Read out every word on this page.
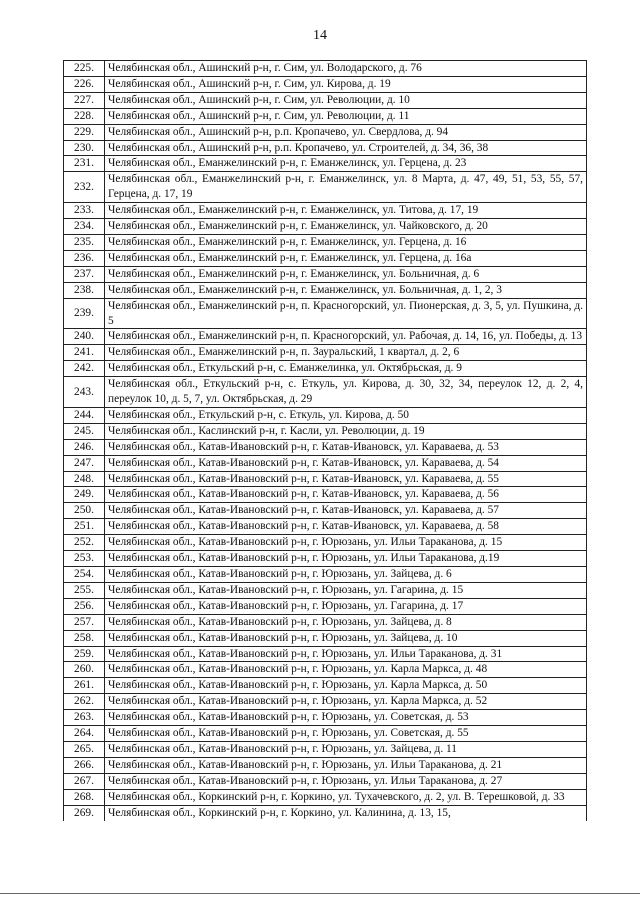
14
225.	Челябинская обл., Ашинский р-н, г. Сим, ул. Володарского, д. 76
226.	Челябинская обл., Ашинский р-н, г. Сим, ул. Кирова, д. 19
227.	Челябинская обл., Ашинский р-н, г. Сим, ул. Революции, д. 10
228.	Челябинская обл., Ашинский р-н, г. Сим, ул. Революции, д. 11
229.	Челябинская обл., Ашинский р-н, р.п. Кропачево, ул. Свердлова, д. 94
230.	Челябинская обл., Ашинский р-н, р.п. Кропачево, ул. Строителей, д. 34, 36, 38
231.	Челябинская обл., Еманжелинский р-н, г. Еманжелинск, ул. Герцена, д. 23
232.	Челябинская обл., Еманжелинский р-н, г. Еманжелинск, ул. 8 Марта, д. 47, 49, 51, 53, 55, 57, Герцена, д. 17, 19
233.	Челябинская обл., Еманжелинский р-н, г. Еманжелинск, ул. Титова, д. 17, 19
234.	Челябинская обл., Еманжелинский р-н, г. Еманжелинск, ул. Чайковского, д. 20
235.	Челябинская обл., Еманжелинский р-н, г. Еманжелинск, ул. Герцена, д. 16
236.	Челябинская обл., Еманжелинский р-н, г. Еманжелинск, ул. Герцена, д. 16а
237.	Челябинская обл., Еманжелинский р-н, г. Еманжелинск, ул. Больничная, д. 6
238.	Челябинская обл., Еманжелинский р-н, г. Еманжелинск, ул. Больничная, д. 1, 2, 3
239.	Челябинская обл., Еманжелинский р-н, п. Красногорский, ул. Пионерская, д. 3, 5, ул. Пушкина, д. 5
240.	Челябинская обл., Еманжелинский р-н, п. Красногорский, ул. Рабочая, д. 14, 16, ул. Победы, д. 13
241.	Челябинская обл., Еманжелинский р-н, п. Зауральский, 1 квартал, д. 2, 6
242.	Челябинская обл., Еткульский р-н, с. Еманжелинка, ул. Октябрьская, д. 9
243.	Челябинская обл., Еткульский р-н, с. Еткуль, ул. Кирова, д. 30, 32, 34, переулок 12, д. 2, 4, переулок 10, д. 5, 7, ул. Октябрьская, д. 29
244.	Челябинская обл., Еткульский р-н, с. Еткуль, ул. Кирова, д. 50
245.	Челябинская обл., Каслинский р-н, г. Касли, ул. Революции, д. 19
246.	Челябинская обл., Катав-Ивановский р-н, г. Катав-Ивановск, ул. Караваева, д. 53
247.	Челябинская обл., Катав-Ивановский р-н, г. Катав-Ивановск, ул. Караваева, д. 54
248.	Челябинская обл., Катав-Ивановский р-н, г. Катав-Ивановск, ул. Караваева, д. 55
249.	Челябинская обл., Катав-Ивановский р-н, г. Катав-Ивановск, ул. Караваева, д. 56
250.	Челябинская обл., Катав-Ивановский р-н, г. Катав-Ивановск, ул. Караваева, д. 57
251.	Челябинская обл., Катав-Ивановский р-н, г. Катав-Ивановск, ул. Караваева, д. 58
252.	Челябинская обл., Катав-Ивановский р-н, г. Юрюзань, ул. Ильи Тараканова, д. 15
253.	Челябинская обл., Катав-Ивановский р-н, г. Юрюзань, ул. Ильи Тараканова, д.19
254.	Челябинская обл., Катав-Ивановский р-н, г. Юрюзань, ул. Зайцева, д. 6
255.	Челябинская обл., Катав-Ивановский р-н, г. Юрюзань, ул. Гагарина, д. 15
256.	Челябинская обл., Катав-Ивановский р-н, г. Юрюзань, ул. Гагарина, д. 17
257.	Челябинская обл., Катав-Ивановский р-н, г. Юрюзань, ул. Зайцева, д. 8
258.	Челябинская обл., Катав-Ивановский р-н, г. Юрюзань, ул. Зайцева, д. 10
259.	Челябинская обл., Катав-Ивановский р-н, г. Юрюзань, ул. Ильи Тараканова, д. 31
260.	Челябинская обл., Катав-Ивановский р-н, г. Юрюзань, ул. Карла Маркса, д. 48
261.	Челябинская обл., Катав-Ивановский р-н, г. Юрюзань, ул. Карла Маркса, д. 50
262.	Челябинская обл., Катав-Ивановский р-н, г. Юрюзань, ул. Карла Маркса, д. 52
263.	Челябинская обл., Катав-Ивановский р-н, г. Юрюзань, ул. Советская, д. 53
264.	Челябинская обл., Катав-Ивановский р-н, г. Юрюзань, ул. Советская, д. 55
265.	Челябинская обл., Катав-Ивановский р-н, г. Юрюзань, ул. Зайцева, д. 11
266.	Челябинская обл., Катав-Ивановский р-н, г. Юрюзань, ул. Ильи Тараканова, д. 21
267.	Челябинская обл., Катав-Ивановский р-н, г. Юрюзань, ул. Ильи Тараканова, д. 27
268.	Челябинская обл., Коркинский р-н, г. Коркино, ул. Тухачевского, д. 2, ул. В. Терешковой, д. 33
269.	Челябинская обл., Коркинский р-н, г. Коркино, ул. Калинина, д. 13, 15,
